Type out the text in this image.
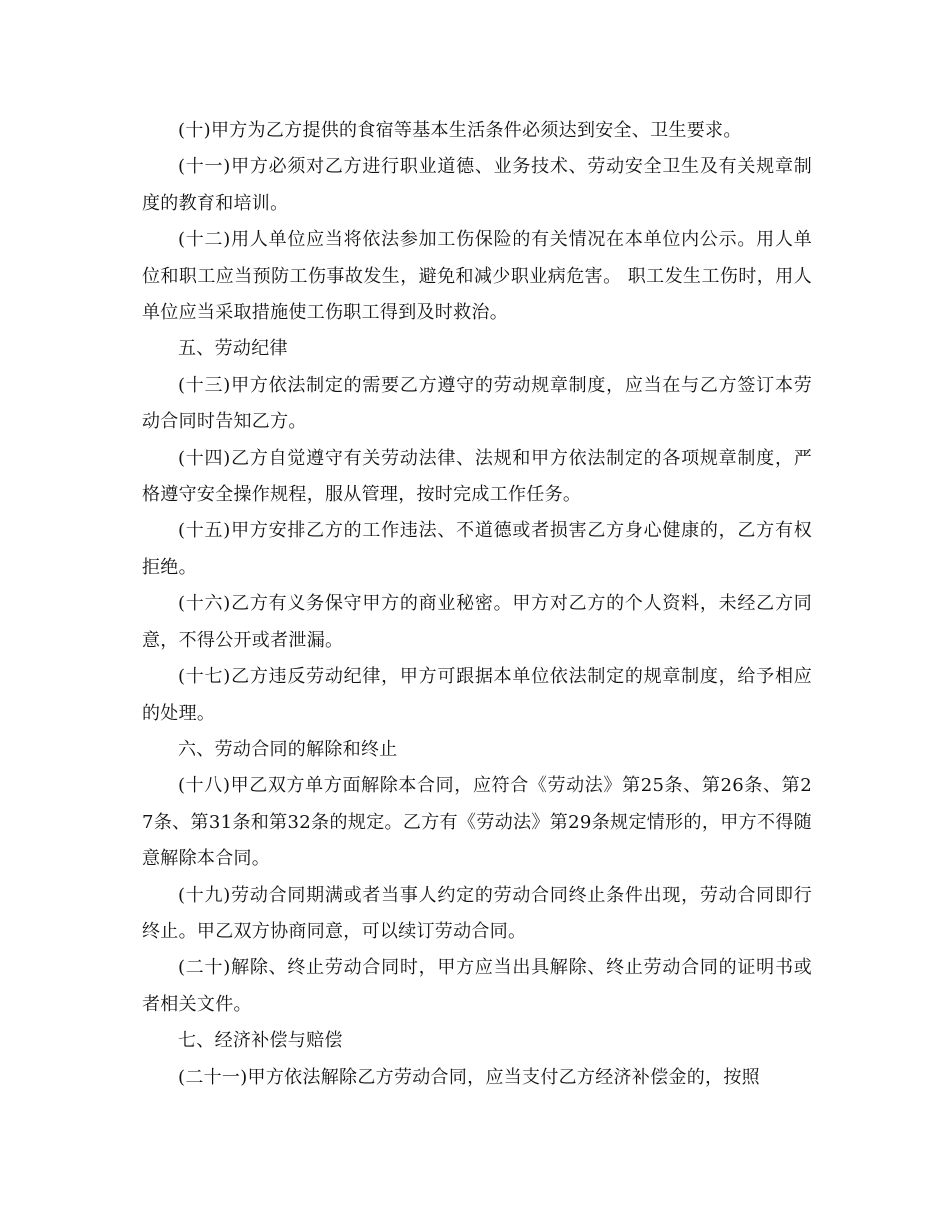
(十)甲方为乙方提供的食宿等基本生活条件必须达到安全、卫生要求。

(十一)甲方必须对乙方进行职业道德、业务技术、劳动安全卫生及有关规章制度的教育和培训。

(十二)用人单位应当将依法参加工伤保险的有关情况在本单位内公示。用人单位和职工应当预防工伤事故发生，避免和减少职业病危害。 职工发生工伤时，用人单位应当采取措施使工伤职工得到及时救治。

五、劳动纪律

(十三)甲方依法制定的需要乙方遵守的劳动规章制度，应当在与乙方签订本劳动合同时告知乙方。

(十四)乙方自觉遵守有关劳动法律、法规和甲方依法制定的各项规章制度，严格遵守安全操作规程，服从管理，按时完成工作任务。

(十五)甲方安排乙方的工作违法、不道德或者损害乙方身心健康的，乙方有权拒绝。

(十六)乙方有义务保守甲方的商业秘密。甲方对乙方的个人资料，未经乙方同意，不得公开或者泄漏。

(十七)乙方违反劳动纪律，甲方可跟据本单位依法制定的规章制度，给予相应的处理。

六、劳动合同的解除和终止

(十八)甲乙双方单方面解除本合同，应符合《劳动法》第25条、第26条、第27条、第31条和第32条的规定。乙方有《劳动法》第29条规定情形的，甲方不得随意解除本合同。

(十九)劳动合同期满或者当事人约定的劳动合同终止条件出现，劳动合同即行终止。甲乙双方协商同意，可以续订劳动合同。

(二十)解除、终止劳动合同时，甲方应当出具解除、终止劳动合同的证明书或者相关文件。

七、经济补偿与赔偿

(二十一)甲方依法解除乙方劳动合同，应当支付乙方经济补偿金的，按照
